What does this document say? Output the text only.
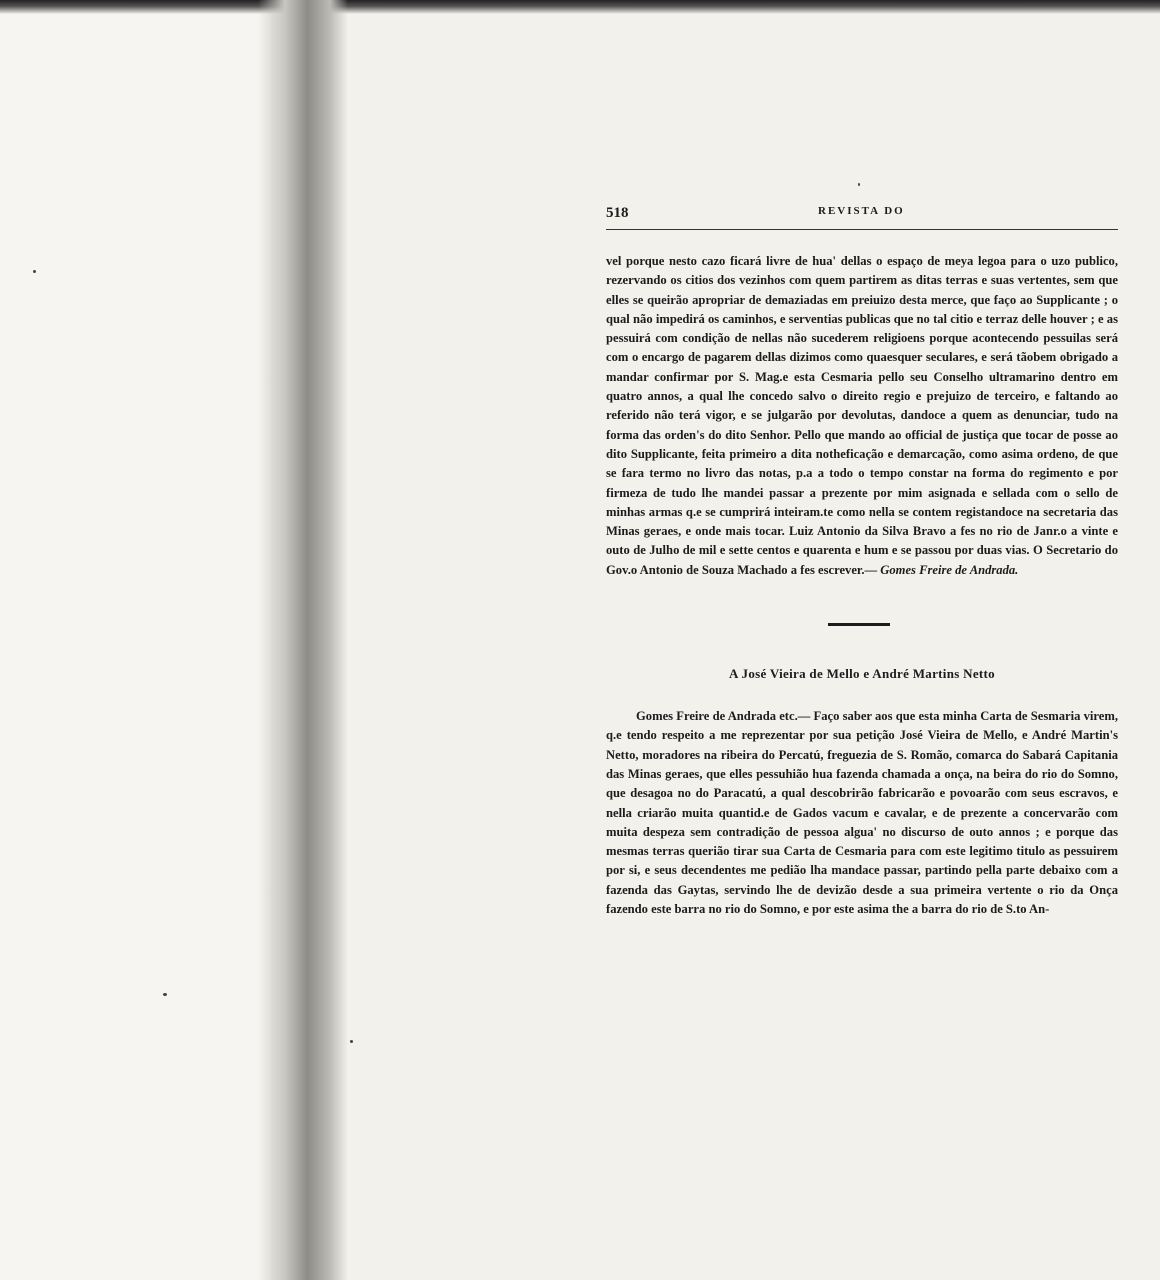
518	REVISTA DO

vel porque nesto cazo ficará livre de hua' dellas o espaço de meya legoa para o uzo publico, rezervando os citios dos vezinhos com quem partirem as ditas terras e suas vertentes, sem que elles se queirão apropriar de demaziadas em preiuizo desta merce, que faço ao Supplicante ; o qual não impedirá os caminhos, e serventias publicas que no tal citio e terraz delle houver ; e as pessuirá com condição de nellas não sucederem religioens porque acontecendo pessuilas será com o encargo de pagarem dellas dizimos como quaesquer seculares, e será tãobem obrigado a mandar confirmar por S. Mag.e esta Cesmaria pello seu Conselho ultramarino dentro em quatro annos, a qual lhe concedo salvo o direito regio e prejuizo de terceiro, e faltando ao referido não terá vigor, e se julgarão por devolutas, dandoce a quem as denunciar, tudo na forma das orden's do dito Senhor. Pello que mando ao official de justiça que tocar de posse ao dito Supplicante, feita primeiro a dita notheficação e demarcação, como asima ordeno, de que se fara termo no livro das notas, p.a a todo o tempo constar na forma do regimento e por firmeza de tudo lhe mandei passar a prezente por mim asignada e sellada com o sello de minhas armas q.e se cumprirá inteiram.te como nella se contem registandoce na secretaria das Minas geraes, e onde mais tocar. Luiz Antonio da Silva Bravo a fes no rio de Janr.o a vinte e outo de Julho de mil e sette centos e quarenta e hum e se passou por duas vias. O Secretario do Gov.o Antonio de Souza Machado a fes escrever.— Gomes Freire de Andrada.

A José Vieira de Mello e André Martins Netto

Gomes Freire de Andrada etc.— Faço saber aos que esta minha Carta de Sesmaria virem, q.e tendo respeito a me reprezentar por sua petição José Vieira de Mello, e André Martin's Netto, moradores na ribeira do Percatú, freguezia de S. Romão, comarca do Sabará Capitania das Minas geraes, que elles pessuhião hua fazenda chamada a onça, na beira do rio do Somno, que desagoa no do Paracatú, a qual descobrirão fabricarão e povoarão com seus escravos, e nella criarão muita quantid.e de Gados vacum e cavalar, e de prezente a concervarão com muita despeza sem contradição de pessoa algua' no discurso de outo annos ; e porque das mesmas terras querião tirar sua Carta de Cesmaria para com este legitimo titulo as pessuirem por si, e seus decendentes me pedião lha mandace passar, partindo pella parte debaixo com a fazenda das Gaytas, servindo lhe de devizão desde a sua primeira vertente o rio da Onça fazendo este barra no rio do Somno, e por este asima the a barra do rio de S.to An-
